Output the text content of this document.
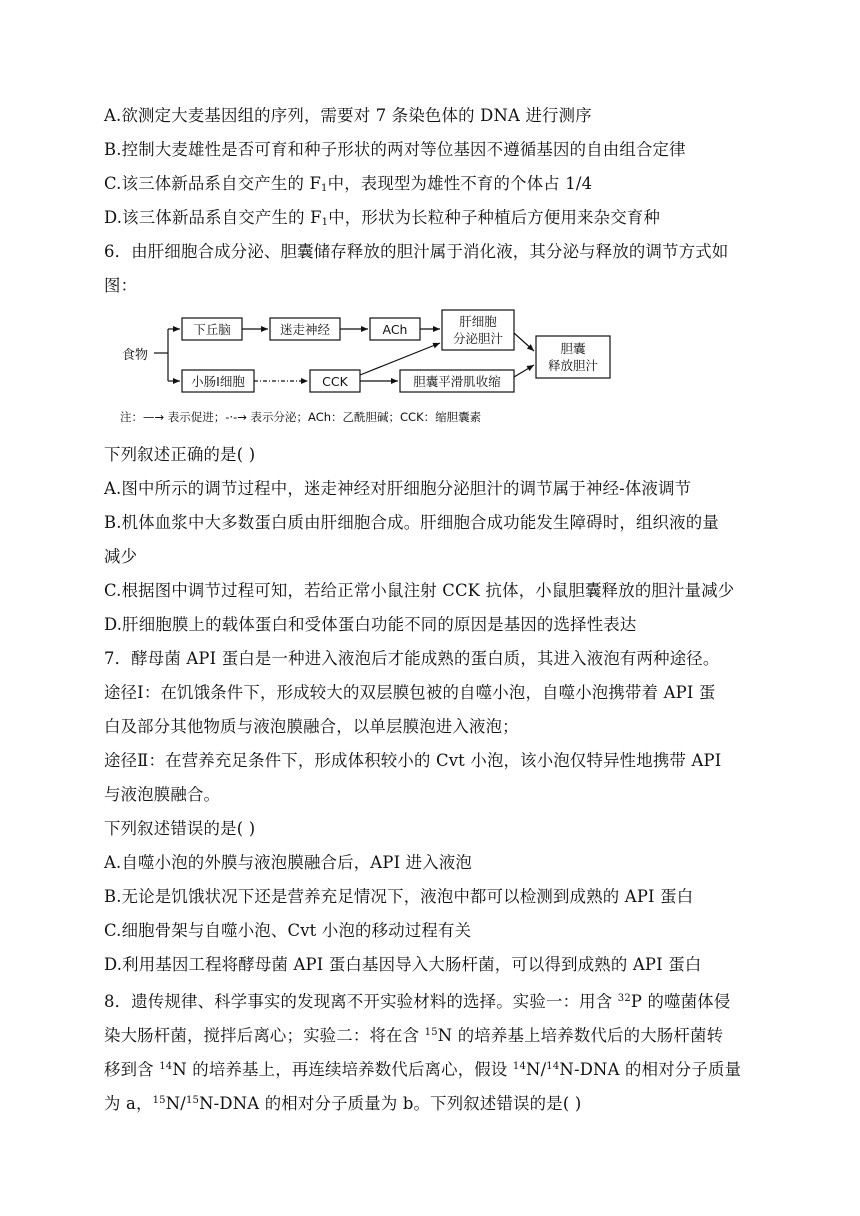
A.欲测定大麦基因组的序列，需要对 7 条染色体的 DNA 进行测序
B.控制大麦雄性是否可育和种子形状的两对等位基因不遵循基因的自由组合定律
C.该三体新品系自交产生的 $F_1$中，表现型为雄性不育的个体占 1/4
D.该三体新品系自交产生的 $F_1$中，形状为长粒种子种植后方便用来杂交育种
6．由肝细胞合成分泌、胆囊储存释放的胆汁属于消化液，其分泌与释放的调节方式如
图：
食物
下丘脑	迷走神经	ACh
肝细胞
分泌胆汁
小肠Ⅰ细胞	CCK	胆囊平滑肌收缩
胆囊
释放胆汁
注：—→ 表示促进；-·-→ 表示分泌；ACh：乙酰胆碱；CCK：缩胆囊素
下列叙述正确的是( )
A.图中所示的调节过程中，迷走神经对肝细胞分泌胆汁的调节属于神经-体液调节
B.机体血浆中大多数蛋白质由肝细胞合成。肝细胞合成功能发生障碍时，组织液的量
减少
C.根据图中调节过程可知，若给正常小鼠注射 CCK 抗体，小鼠胆囊释放的胆汁量减少
D.肝细胞膜上的载体蛋白和受体蛋白功能不同的原因是基因的选择性表达
7．酵母菌 API 蛋白是一种进入液泡后才能成熟的蛋白质，其进入液泡有两种途径。
途径Ⅰ：在饥饿条件下，形成较大的双层膜包被的自噬小泡，自噬小泡携带着 API 蛋
白及部分其他物质与液泡膜融合，以单层膜泡进入液泡；
途径Ⅱ：在营养充足条件下，形成体积较小的 Cvt 小泡，该小泡仅特异性地携带 API
与液泡膜融合。
下列叙述错误的是( )
A.自噬小泡的外膜与液泡膜融合后，API 进入液泡
B.无论是饥饿状况下还是营养充足情况下，液泡中都可以检测到成熟的 API 蛋白
C.细胞骨架与自噬小泡、Cvt 小泡的移动过程有关
D.利用基因工程将酵母菌 API 蛋白基因导入大肠杆菌，可以得到成熟的 API 蛋白
8．遗传规律、科学事实的发现离不开实验材料的选择。实验一：用含 $^{32}$P 的噬菌体侵
染大肠杆菌，搅拌后离心；实验二：将在含 $^{15}$N 的培养基上培养数代后的大肠杆菌转
移到含 $^{14}$N 的培养基上，再连续培养数代后离心，假设 $^{14}$N/$^{14}$N-DNA 的相对分子质量
为 a，$^{15}$N/$^{15}$N-DNA 的相对分子质量为 b。下列叙述错误的是( )
